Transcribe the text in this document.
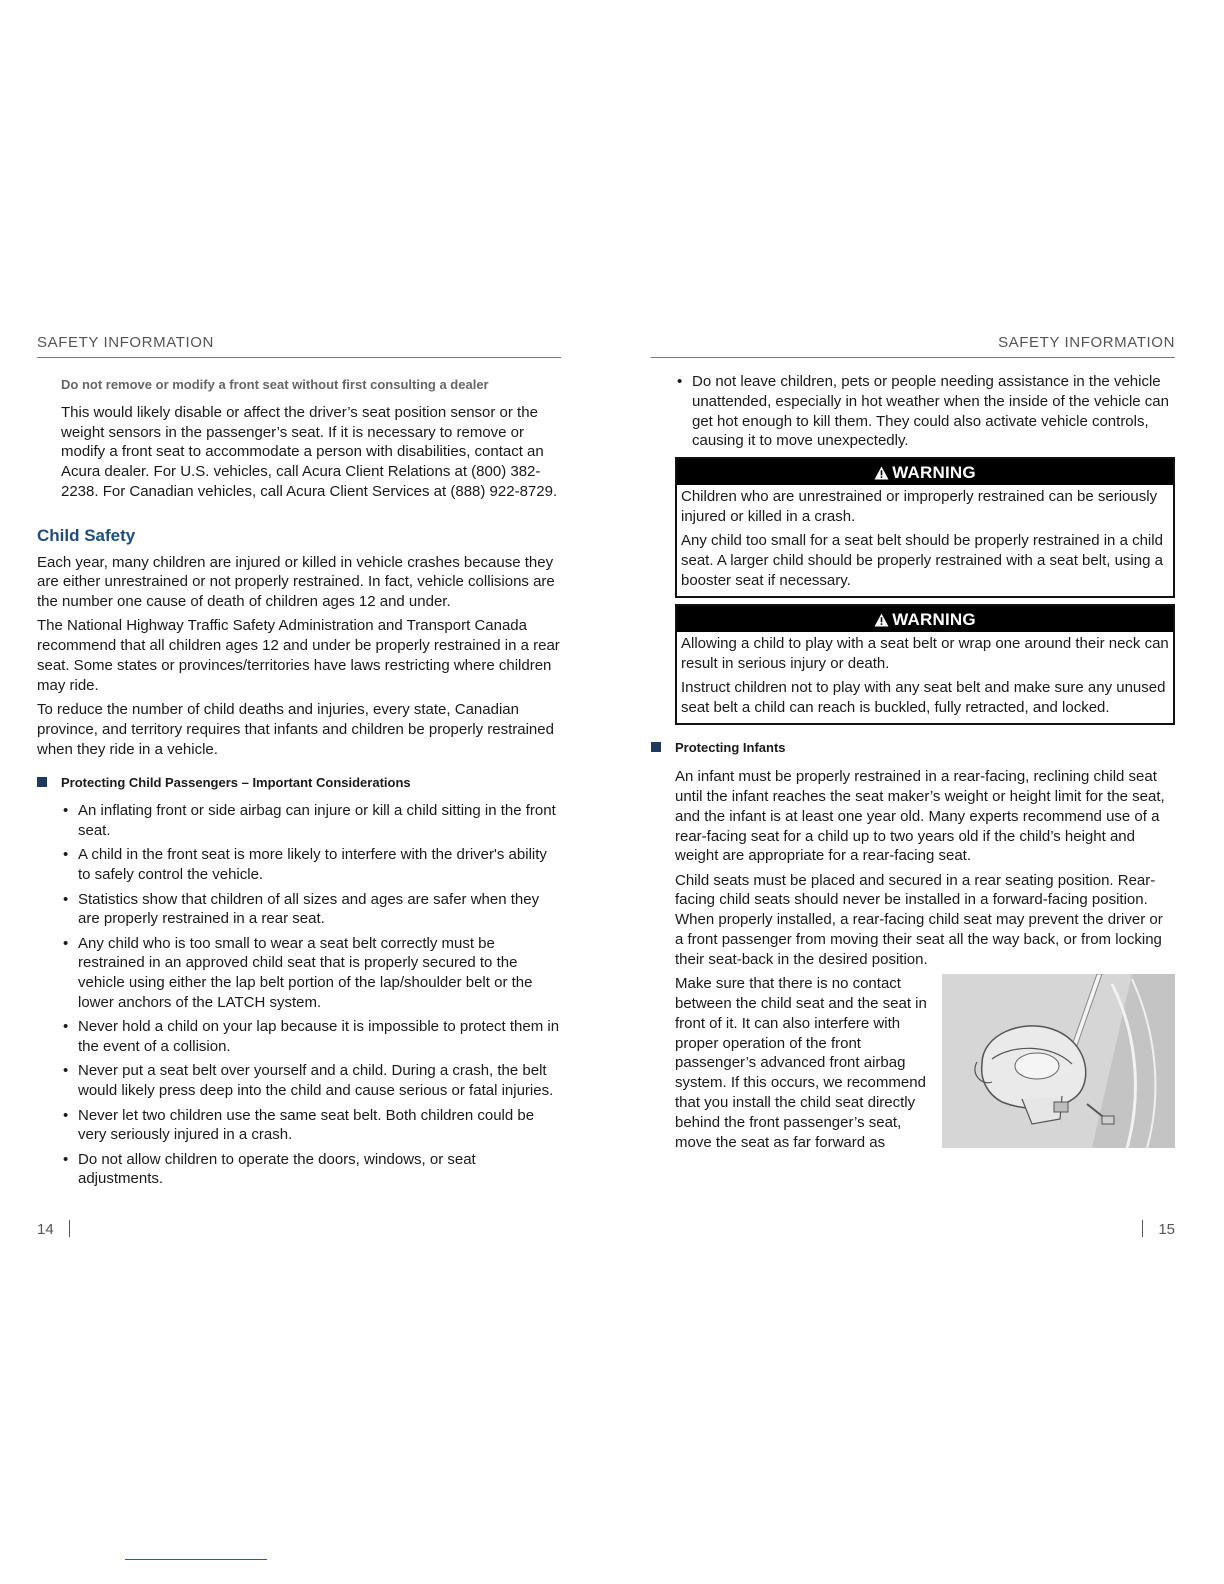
SAFETY INFORMATION
Do not remove or modify a front seat without first consulting a dealer

This would likely disable or affect the driver’s seat position sensor or the weight sensors in the passenger’s seat. If it is necessary to remove or modify a front seat to accommodate a person with disabilities, contact an Acura dealer. For U.S. vehicles, call Acura Client Relations at (800) 382-2238. For Canadian vehicles, call Acura Client Services at (888) 922-8729.

Child Safety

Each year, many children are injured or killed in vehicle crashes because they are either unrestrained or not properly restrained. In fact, vehicle collisions are the number one cause of death of children ages 12 and under.

The National Highway Traffic Safety Administration and Transport Canada recommend that all children ages 12 and under be properly restrained in a rear seat. Some states or provinces/territories have laws restricting where children may ride.

To reduce the number of child deaths and injuries, every state, Canadian province, and territory requires that infants and children be properly restrained when they ride in a vehicle.

Protecting Child Passengers – Important Considerations
• An inflating front or side airbag can injure or kill a child sitting in the front seat.
• A child in the front seat is more likely to interfere with the driver's ability to safely control the vehicle.
• Statistics show that children of all sizes and ages are safer when they are properly restrained in a rear seat.
• Any child who is too small to wear a seat belt correctly must be restrained in an approved child seat that is properly secured to the vehicle using either the lap belt portion of the lap/shoulder belt or the lower anchors of the LATCH system.
• Never hold a child on your lap because it is impossible to protect them in the event of a collision.
• Never put a seat belt over yourself and a child. During a crash, the belt would likely press deep into the child and cause serious or fatal injuries.
• Never let two children use the same seat belt. Both children could be very seriously injured in a crash.
• Do not allow children to operate the doors, windows, or seat adjustments.
14
SAFETY INFORMATION
• Do not leave children, pets or people needing assistance in the vehicle unattended, especially in hot weather when the inside of the vehicle can get hot enough to kill them. They could also activate vehicle controls, causing it to move unexpectedly.
WARNING

Children who are unrestrained or improperly restrained can be seriously injured or killed in a crash.

Any child too small for a seat belt should be properly restrained in a child seat. A larger child should be properly restrained with a seat belt, using a booster seat if necessary.

WARNING

Allowing a child to play with a seat belt or wrap one around their neck can result in serious injury or death.

Instruct children not to play with any seat belt and make sure any unused seat belt a child can reach is buckled, fully retracted, and locked.

Protecting Infants

An infant must be properly restrained in a rear-facing, reclining child seat until the infant reaches the seat maker’s weight or height limit for the seat, and the infant is at least one year old. Many experts recommend use of a rear-facing seat for a child up to two years old if the child’s height and weight are appropriate for a rear-facing seat.

Child seats must be placed and secured in a rear seating position. Rear-facing child seats should never be installed in a forward-facing position. When properly installed, a rear-facing child seat may prevent the driver or a front passenger from moving their seat all the way back, or from locking their seat-back in the desired position.

Make sure that there is no contact between the child seat and the seat in front of it. It can also interfere with proper operation of the front passenger’s advanced front airbag system. If this occurs, we recommend that you install the child seat directly behind the front passenger’s seat, move the seat as far forward as

15
